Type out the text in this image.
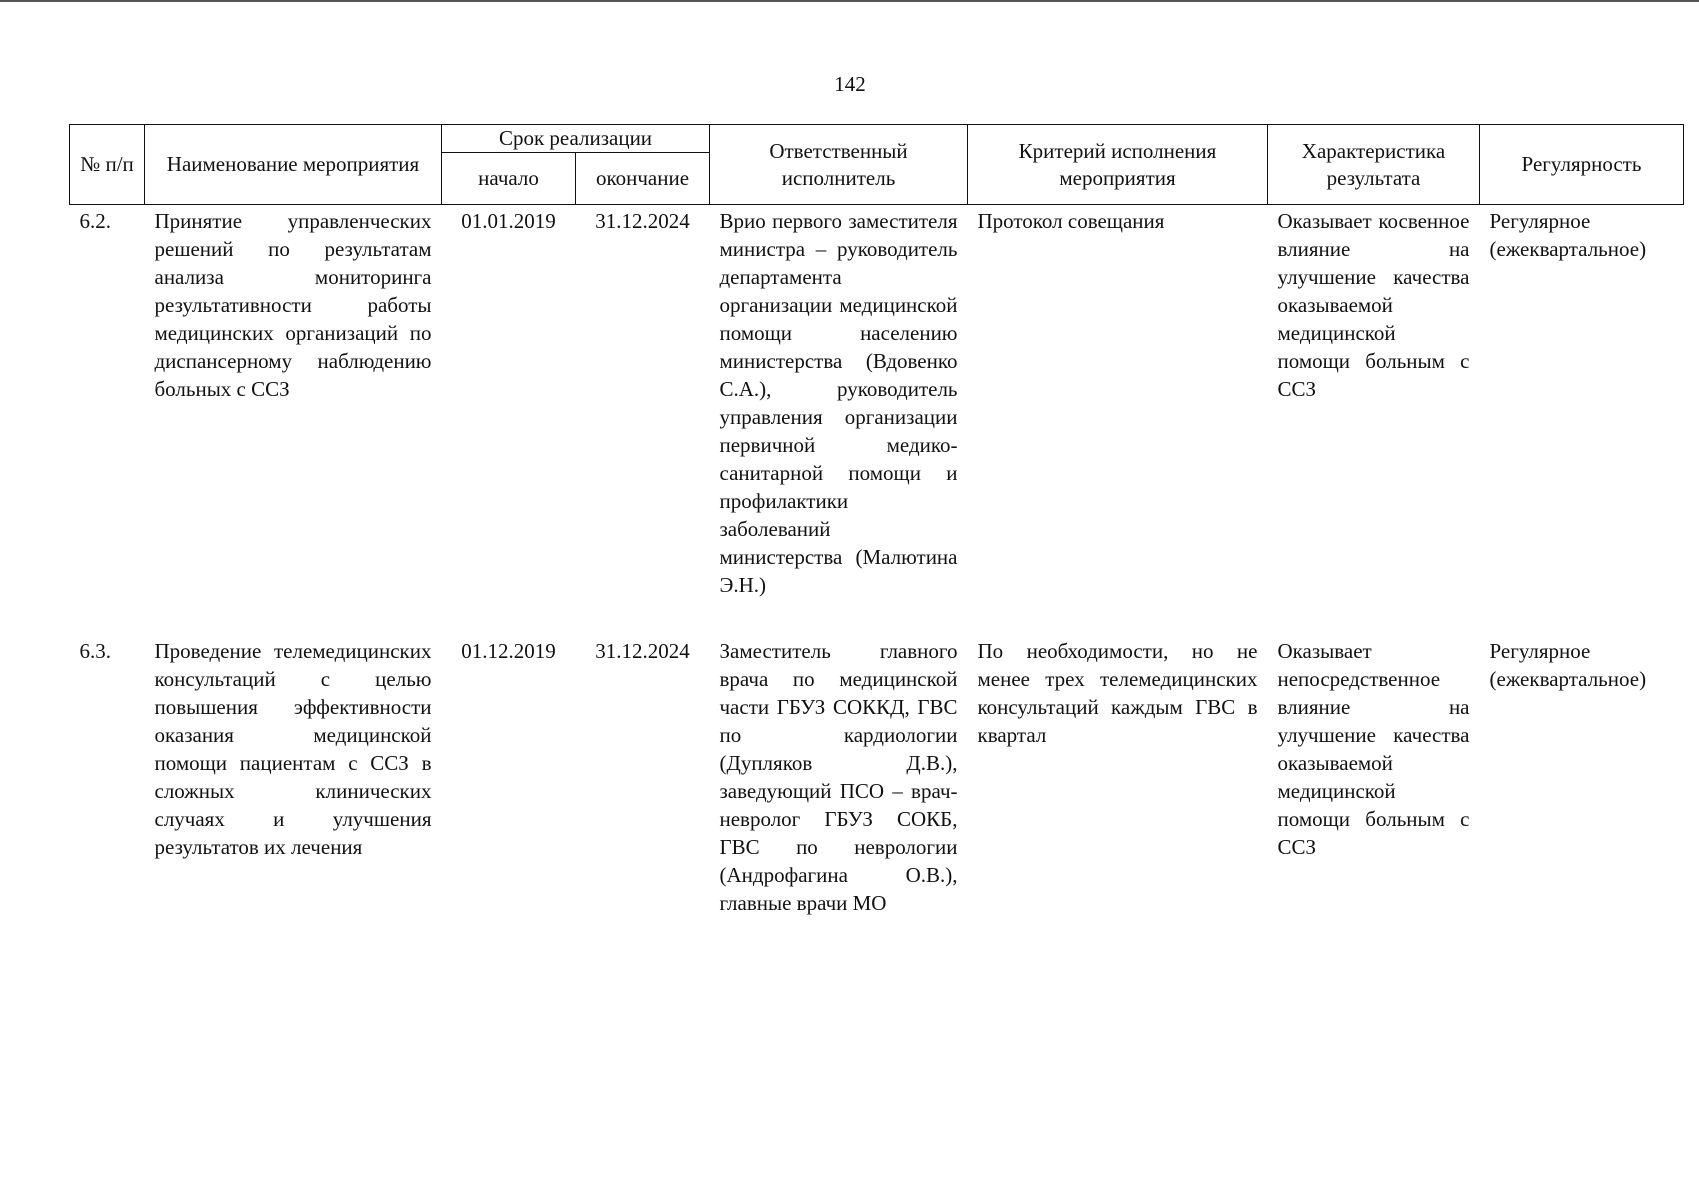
142
№ п/п	Наименование мероприятия	Срок реализации		Ответственный исполнитель	Критерий исполнения мероприятия	Характеристика результата	Регулярность
		начало	окончание				
6.2.	Принятие управленческих решений по результатам анализа мониторинга результативности работы медицинских организаций по диспансерному наблюдению больных с ССЗ	01.01.2019	31.12.2024	Врио первого заместителя министра – руководитель департамента организации медицинской помощи населению министерства (Вдовенко С.А.), руководитель управления организации первичной медико-санитарной помощи и профилактики заболеваний министерства (Малютина Э.Н.)	Протокол совещания	Оказывает косвенное влияние на улучшение качества оказываемой медицинской помощи больным с ССЗ	Регулярное (ежеквартальное)
6.3.	Проведение телемедицинских консультаций с целью повышения эффективности оказания медицинской помощи пациентам с ССЗ в сложных клинических случаях и улучшения результатов их лечения	01.12.2019	31.12.2024	Заместитель главного врача по медицинской части ГБУЗ СОККД, ГВС по кардиологии (Дупляков Д.В.), заведующий ПСО – врач-невролог ГБУЗ СОКБ, ГВС по неврологии (Андрофагина О.В.), главные врачи МО	По необходимости, но не менее трех телемедицинских консультаций каждым ГВС в квартал	Оказывает непосредственное влияние на улучшение качества оказываемой медицинской помощи больным с ССЗ	Регулярное (ежеквартальное)
